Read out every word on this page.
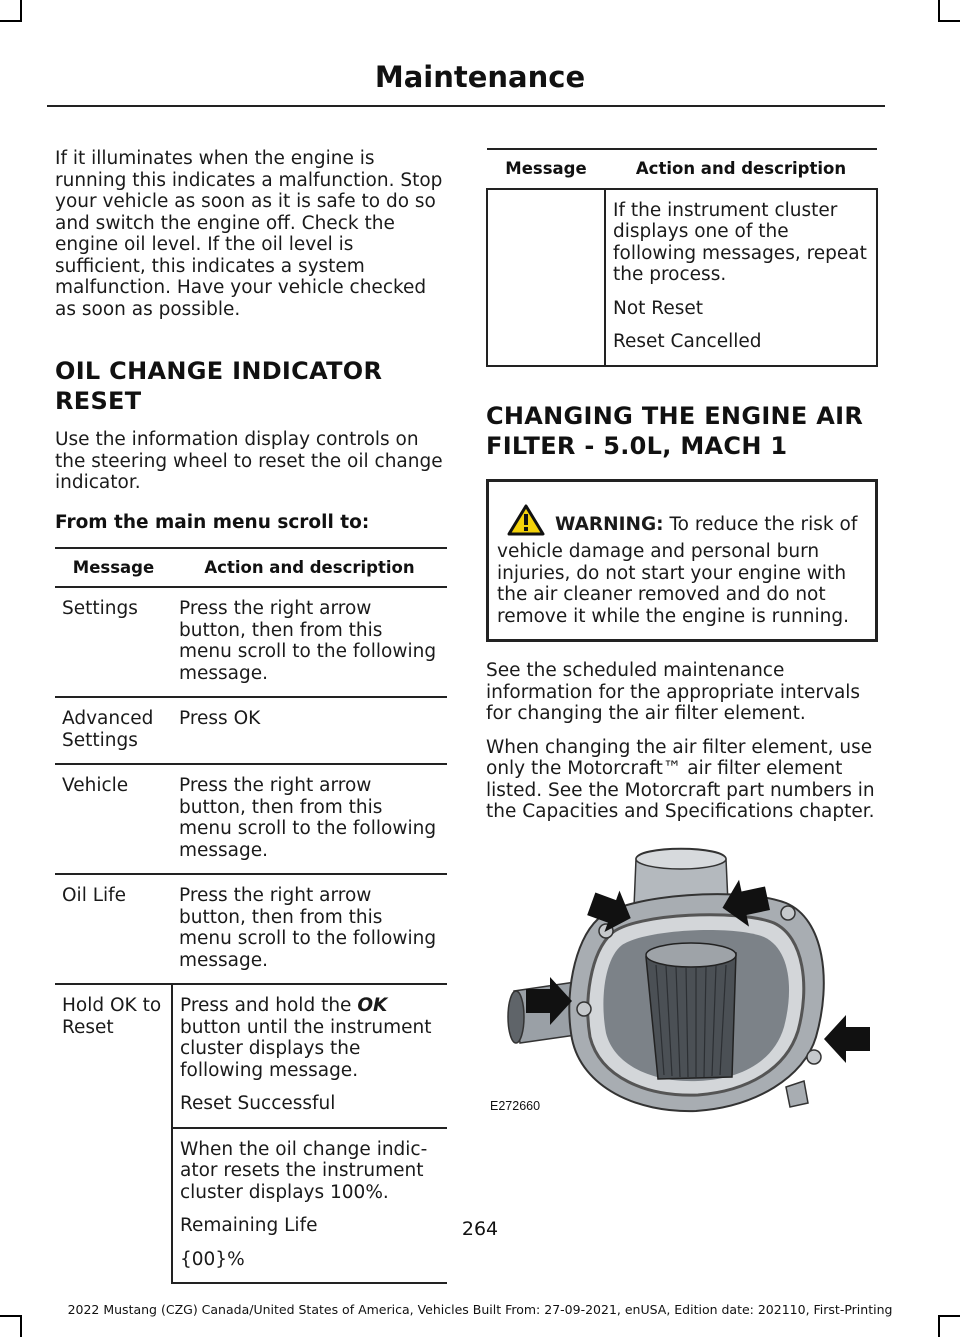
Maintenance

If it illuminates when the engine is running this indicates a malfunction. Stop your vehicle as soon as it is safe to do so and switch the engine off. Check the engine oil level. If the oil level is sufficient, this indicates a system malfunction. Have your vehicle checked as soon as possible.

OIL CHANGE INDICATOR
RESET

Use the information display controls on the steering wheel to reset the oil change indicator.

From the main menu scroll to:
Message	Action and description
Settings	Press the right arrow button, then from this menu scroll to the following message.
Advanced Settings	Press OK
Vehicle	Press the right arrow button, then from this menu scroll to the following message.
Oil Life	Press the right arrow button, then from this menu scroll to the following message.
Hold OK to Reset	Press and hold the OK button until the instrument cluster displays the following message.
Reset Successful

	When the oil change indic-ator resets the instrument cluster displays 100%.
Remaining Life
{00}%
Message	Action and description

	If the instrument cluster displays one of the following messages, repeat the process.
Not Reset
Reset Cancelled
CHANGING THE ENGINE AIR
FILTER - 5.0L, MACH 1
WARNING: To reduce the risk of vehicle damage and personal burn injuries, do not start your engine with the air cleaner removed and do not remove it while the engine is running.

See the scheduled maintenance information for the appropriate intervals for changing the air filter element.

When changing the air filter element, use only the Motorcraft™ air filter element listed. See the Motorcraft part numbers in the Capacities and Specifications chapter.

E272660
264
2022 Mustang (CZG) Canada/United States of America, Vehicles Built From: 27-09-2021, enUSA, Edition date: 202110, First-Printing
